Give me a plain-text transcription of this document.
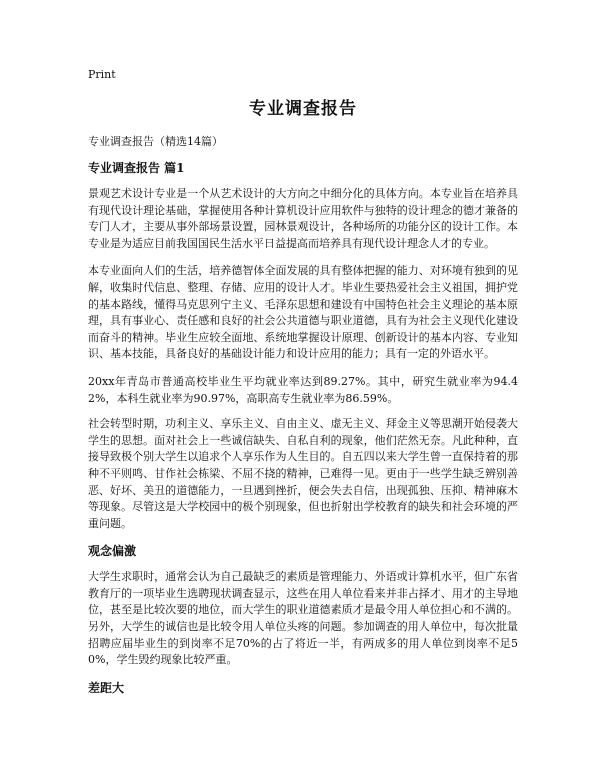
Print
专业调查报告
专业调查报告（精选14篇）
专业调查报告 篇1

景观艺术设计专业是一个从艺术设计的大方向之中细分化的具体方向。本专业旨在培养具有现代设计理论基础，掌握使用各种计算机设计应用软件与独特的设计理念的德才兼备的专门人才，主要从事外部场景设置，园林景观设计，各种场所的功能分区的设计工作。本专业是为适应目前我国国民生活水平日益提高而培养具有现代设计理念人才的专业。

本专业面向人们的生活，培养德智体全面发展的具有整体把握的能力、对环境有独到的见解，收集时代信息、整理、存储、应用的设计人才。毕业生要热爱社会主义祖国，拥护党的基本路线，懂得马克思列宁主义、毛泽东思想和建设有中国特色社会主义理论的基本原理，具有事业心、责任感和良好的社会公共道德与职业道德，具有为社会主义现代化建设而奋斗的精神。毕业生应较全面地、系统地掌握设计原理、创新设计的基本内容、专业知识、基本技能，具备良好的基础设计能力和设计应用的能力；具有一定的外语水平。

20xx年青岛市普通高校毕业生平均就业率达到89.27%。其中，研究生就业率为94.42%，本科生就业率为90.97%，高职高专生就业率为86.59%。

社会转型时期，功利主义、享乐主义、自由主义、虚无主义、拜金主义等思潮开始侵袭大学生的思想。面对社会上一些诚信缺失、自私自利的现象，他们茫然无奈。凡此种种，直接导致极个别大学生以追求个人享乐作为人生目的。自五四以来大学生曾一直保持着的那种不平则鸣、甘作社会栋梁、不屈不挠的精神，已难得一见。更由于一些学生缺乏辨别善恶、好坏、美丑的道德能力，一旦遇到挫折，便会失去自信，出现孤独、压抑、精神麻木等现象。尽管这是大学校园中的极个别现象，但也折射出学校教育的缺失和社会环境的严重问题。

观念偏激

大学生求职时，通常会认为自己最缺乏的素质是管理能力、外语或计算机水平，但广东省教育厅的一项毕业生选聘现状调查显示，这些在用人单位看来并非占择才、用才的主导地位，甚至是比较次要的地位，而大学生的职业道德素质才是最令用人单位担心和不满的。另外，大学生的诚信也是比较令用人单位头疼的问题。参加调查的用人单位中，每次批量招聘应届毕业生的到岗率不足70%的占了将近一半，有两成多的用人单位到岗率不足50%，学生毁约现象比较严重。

差距大
